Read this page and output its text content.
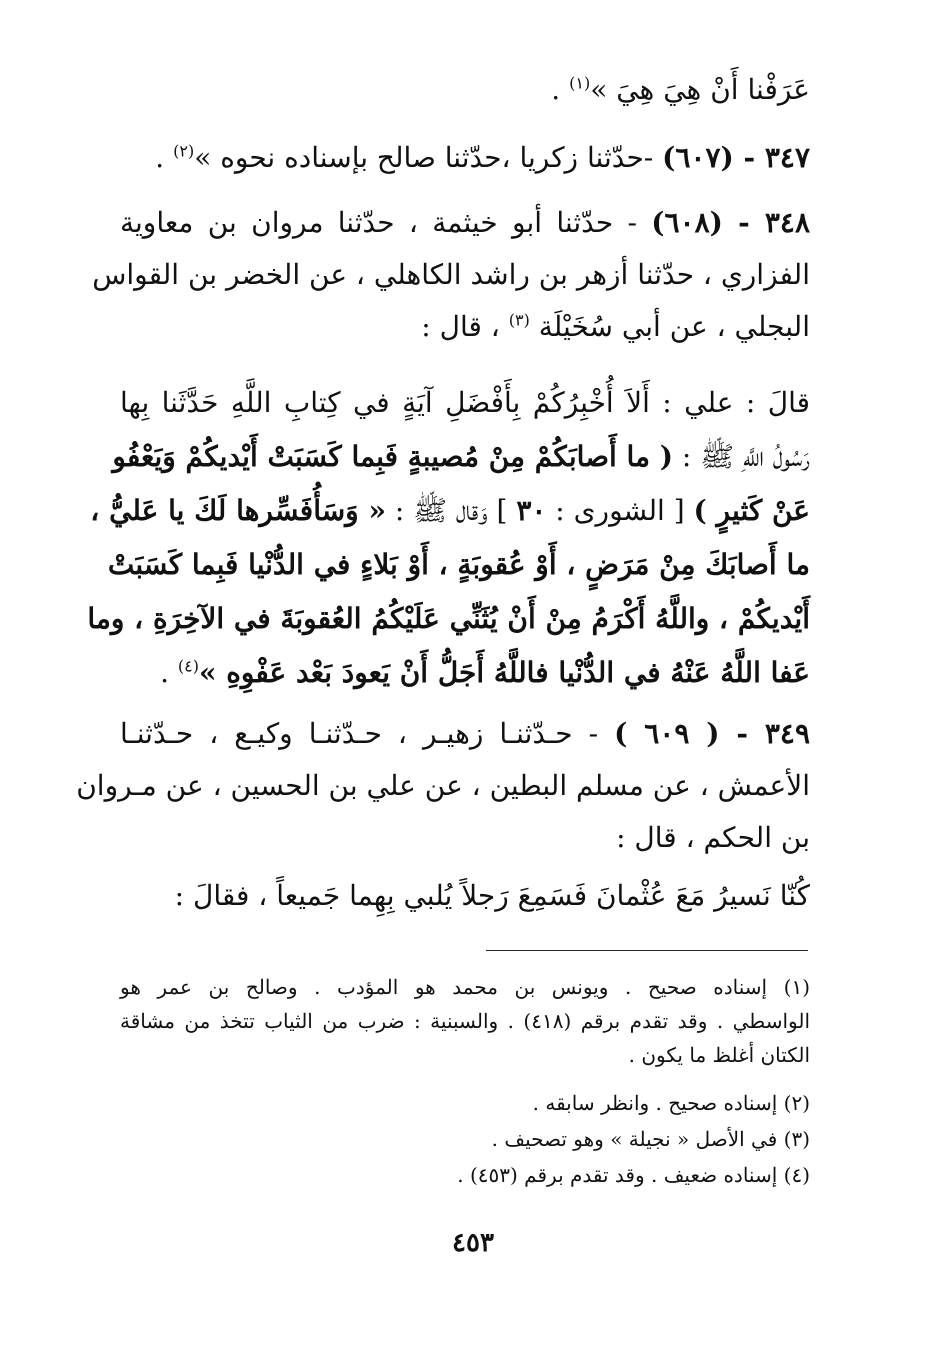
عَرَفْنا أَنْ هِيَ هِيَ »$^{(١)}$ .
٣٤٧ - (٦٠٧) -حدّثنا زكريا ،حدّثنا صالح بإسناده نحوه »$^{(٢)}$ .
٣٤٨ - (٦٠٨) - حدّثنا أبو خيثمة ، حدّثنا مروان بن معاوية
الفزاري ، حدّثنا أزهر بن راشد الكاهلي ، عن الخضر بن القواس
البجلي ، عن أبي سُخَيْلَة $^{(٣)}$ ، قال :
قالَ : علي : أَلاَ أُخْبِرُكُمْ بِأَفْضَلِ آيَةٍ في كِتابِ اللَّهِ حَدَّثَنا بِها
رَسُولُ اللَّهِ ﷺ : ( ما أَصابَكُمْ مِنْ مُصيبةٍ فَبِما كَسَبَتْ أَيْديكُمْ وَيَعْفُو
عَنْ كَثيرٍ ) [ الشورى : ٣٠ ] وَقال ﷺ : « وَسَأُفَسِّرها لَكَ يا عَليُّ ،
ما أَصابَكَ مِنْ مَرَضٍ ، أَوْ عُقوبَةٍ ، أَوْ بَلاءٍ في الدُّنْيا فَبِما كَسَبَتْ
أَيْديكُمْ ، واللَّهُ أَكْرَمُ مِنْ أَنْ يُثَنِّي عَلَيْكُمُ العُقوبَةَ في الآخِرَةِ ، وما
عَفا اللَّهُ عَنْهُ في الدُّنْيا فاللَّهُ أَجَلُّ أَنْ يَعودَ بَعْد عَفْوِهِ »$^{(٤)}$ .
٣٤٩ - ( ٦٠٩ ) - حـدّثنـا زهيـر ، حـدّثنـا وكيـع ، حـدّثنـا
الأعمش ، عن مسلم البطين ، عن علي بن الحسين ، عن مـروان
بن الحكم ، قال :
كُنّا نَسيرُ مَعَ عُثْمانَ فَسَمِعَ رَجلاً يُلبي بِهِما جَميعاً ، فقالَ :
(١) إسناده صحيح . ويونس بن محمد هو المؤدب . وصالح بن عمر هو
الواسطي . وقد تقدم برقم (٤١٨) . والسبنية : ضرب من الثياب تتخذ من مشاقة
الكتان أغلظ ما يكون .
(٢) إسناده صحيح . وانظر سابقه .
(٣) في الأصل « نجيلة » وهو تصحيف .
(٤) إسناده ضعيف . وقد تقدم برقم (٤٥٣) .
٤٥٣
